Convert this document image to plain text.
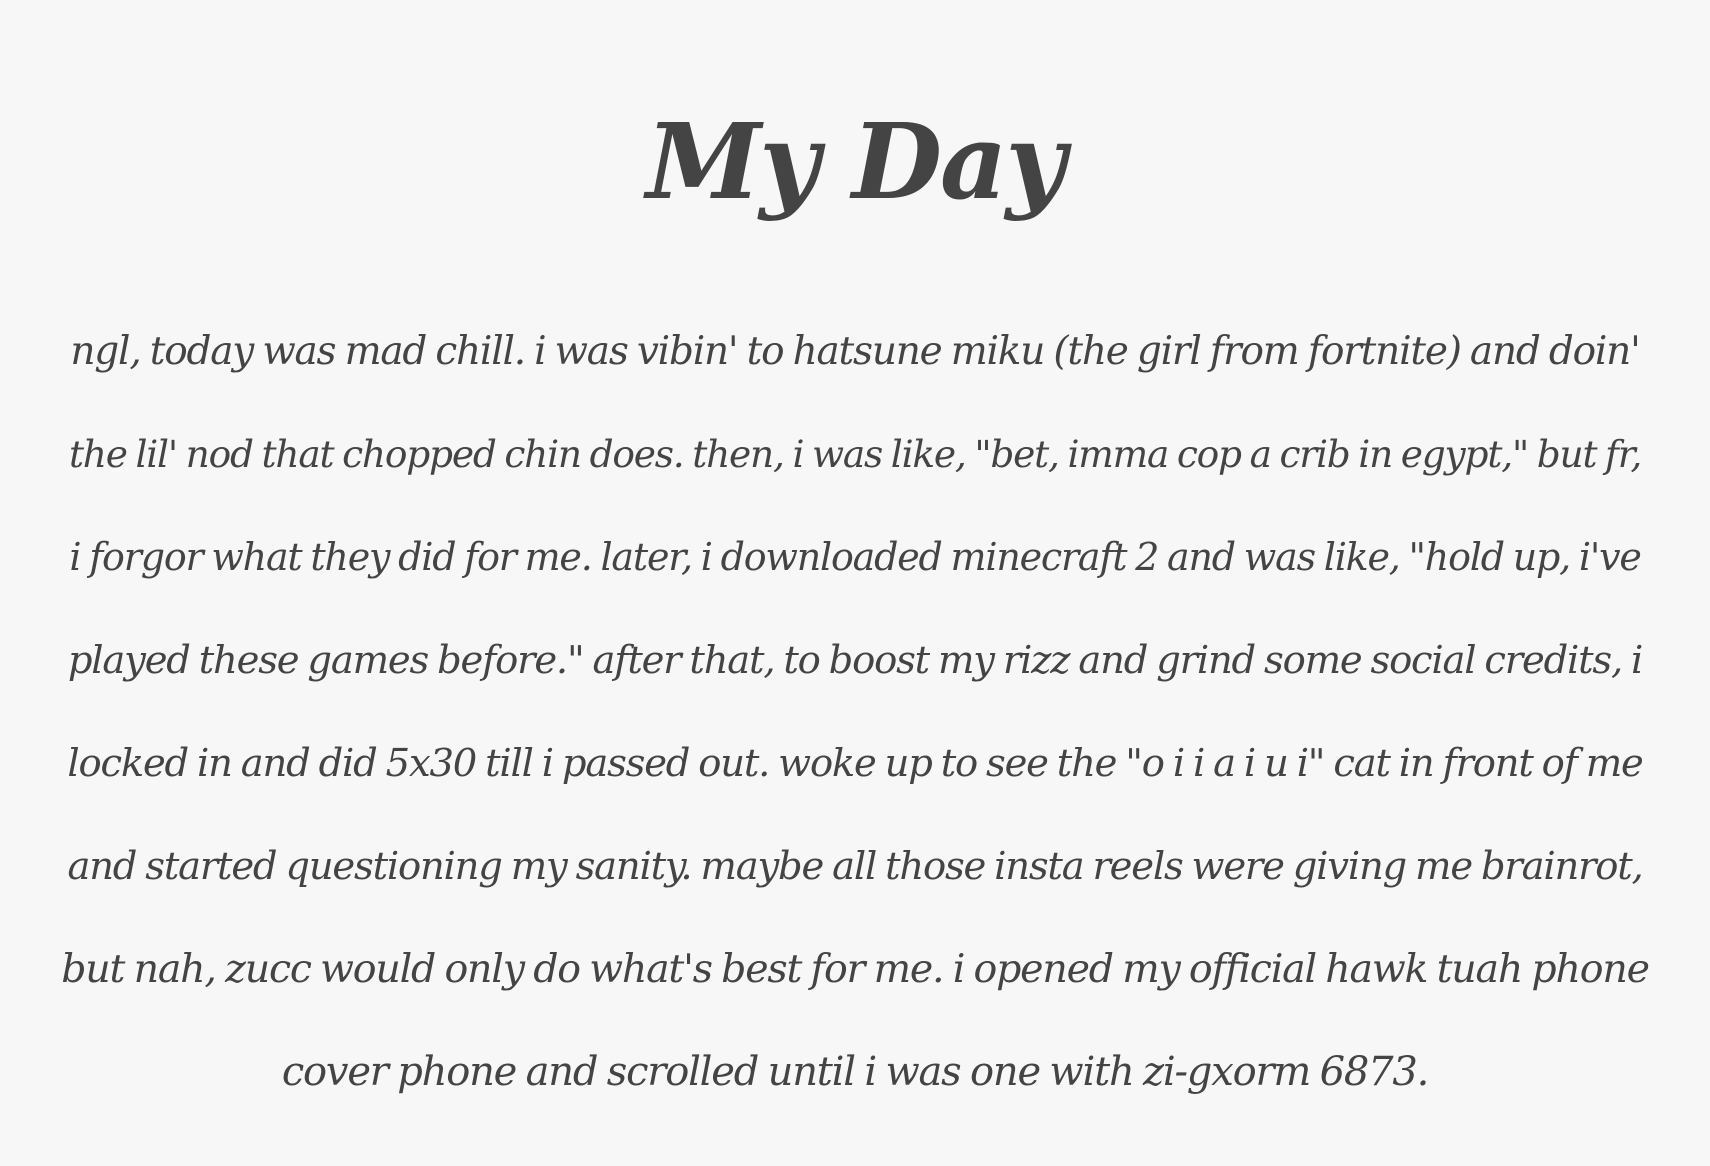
My Day

ngl, today was mad chill. i was vibin' to hatsune miku (the girl from fortnite) and doin'
the lil' nod that chopped chin does. then, i was like, "bet, imma cop a crib in egypt," but fr,
i forgor what they did for me. later, i downloaded minecraft 2 and was like, "hold up, i've
played these games before." after that, to boost my rizz and grind some social credits, i
locked in and did 5x30 till i passed out. woke up to see the "o i i a i u i" cat in front of me
and started questioning my sanity. maybe all those insta reels were giving me brainrot,
but nah, zucc would only do what's best for me. i opened my official hawk tuah phone
cover phone and scrolled until i was one with zi-gxorm 6873.
